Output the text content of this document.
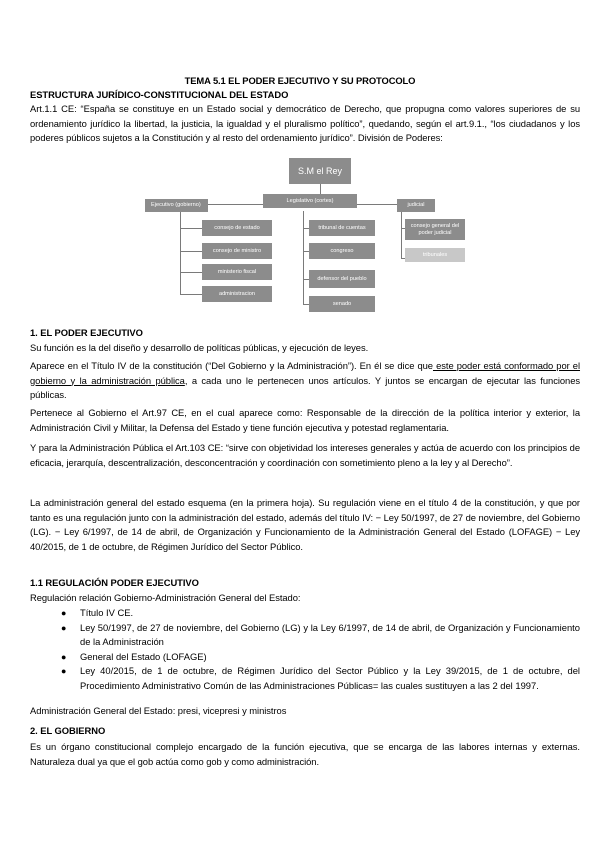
TEMA 5.1 EL PODER EJECUTIVO Y SU PROTOCOLO
ESTRUCTURA JURÍDICO-CONSTITUCIONAL DEL ESTADO
Art.1.1 CE: “España se constituye en un Estado social y democrático de Derecho, que propugna como valores superiores de su ordenamiento jurídico la libertad, la justicia, la igualdad y el pluralismo político”, quedando, según el art.9.1., “los ciudadanos y los poderes públicos sujetos a la Constitución y al resto del ordenamiento jurídico”. División de Poderes:
S.M el Rey
Legislativo (cortes)
Ejecutivo (gobierno)	judicial
consejo de estado
consejo de ministro
ministerio fiscal
administracion
tribunal de cuentas
congreso
defensor del pueblo
senado
consejo general del poder judicial
tribunales
1. EL PODER EJECUTIVO
Su función es la del diseño y desarrollo de políticas públicas, y ejecución de leyes.
Aparece en el Título IV de la constitución (“Del Gobierno y la Administración”). En él se dice que este poder está conformado por el gobierno y la administración pública, a cada uno le pertenecen unos artículos. Y juntos se encargan de ejecutar las funciones públicas.
Pertenece al Gobierno el Art.97 CE, en el cual aparece como: Responsable de la dirección de la política interior y exterior, la Administración Civil y Militar, la Defensa del Estado y tiene función ejecutiva y potestad reglamentaria.
Y para la Administración Pública el Art.103 CE: “sirve con objetividad los intereses generales y actúa de acuerdo con los principios de eficacia, jerarquía, descentralización, desconcentración y coordinación con sometimiento pleno a la ley y al Derecho”.
La administración general del estado esquema (en la primera hoja). Su regulación viene en el título 4 de la constitución, y que por tanto es una regulación junto con la administración del estado, además del título IV: − Ley 50/1997, de 27 de noviembre, del Gobierno (LG). − Ley 6/1997, de 14 de abril, de Organización y Funcionamiento de la Administración General del Estado (LOFAGE) − Ley 40/2015, de 1 de octubre, de Régimen Jurídico del Sector Público.
1.1 REGULACIÓN PODER EJECUTIVO
Regulación relación Gobierno-Administración General del Estado:
● Título IV CE.
● Ley 50/1997, de 27 de noviembre, del Gobierno (LG) y la Ley 6/1997, de 14 de abril, de Organización y Funcionamiento de la Administración
● General del Estado (LOFAGE)
● Ley 40/2015, de 1 de octubre, de Régimen Jurídico del Sector Público y la Ley 39/2015, de 1 de octubre, del Procedimiento Administrativo Común de las Administraciones Públicas= las cuales sustituyen a las 2 del 1997.
Administración General del Estado: presi, vicepresi y ministros
2. EL GOBIERNO
Es un órgano constitucional complejo encargado de la función ejecutiva, que se encarga de las labores internas y externas. Naturaleza dual ya que el gob actúa como gob y como administración.
